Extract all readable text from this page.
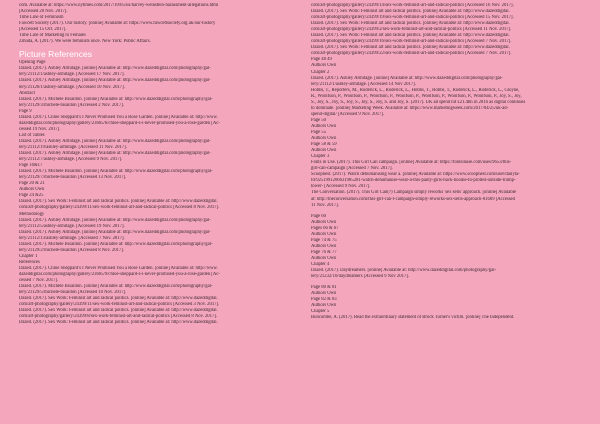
com. Available at: https://www.nytimes.com/2017/10/05/us/harvey-weinstein-harassment-allegations.html
[Accessed 20 Nov. 2017].
Time Line of Feminism
Fawcett Society (2017). Our history. [online] Available at: https://www.fawcettsociety.org.uk/our-history
[Accessed 15 Oct. 2017].
Time Line of Marketing to Females
Zmuda, A. (2017). We were feminists once. New York: Public Affairs.
Picture References
Opening Page
Dazed. (2017). Ashley Armitage. [online] Available at: http://www.dazeddigital.com/photography/gal-
lery/21112/1/ashley-armitage. [Accessed 17 Nov. 2017].
Dazed. (2017). Ashley Armitage. [online] Available at: http://www.dazeddigital.com/photography/gal-
lery/21126/1/ashley-armitage. [Accessed 10 Nov. 2017].
Abstract
Dazed. (2017). Michele Bisaillon. [online] Available at: http://www.dazeddigital.com/photography/gal-
lery/21129/3/michele-bisaillon [Accessed 2 Nov. 2017].
Page 9
Dazed. (2017). Chloe Sheppard's I Never Promised You a Rose Garden. [online] Available at: http://www.
dazeddigital.com/photography/gallery/23605/6/chloe-sheppard-s-i-never-promised-you-a-rose-garden [Ac-
cessed 19 Nov. 2017].
List of Tables
Dazed. (2017). Ashley Armitage. [online] Available at: http://www.dazeddigital.com/photography/gal-
lery/21112/19/ashley-armitage. [Accessed 11 Nov. 2017].
Dazed. (2017). Ashley Armitage. [online] Available at: http://www.dazeddigital.com/photography/gal-
lery/21112/7/ashley-armitage. [Accessed 9 Nov. 2017].
Page 16&17
Dazed. (2017). Michele Bisaillon. [online] Available at: http://www.dazeddigital.com/photography/gal-
lery/21129/7/michele-bisaillon [Accessed 13 Nov. 2017].
Page 20 & 21
Authors Own
Page 24 &25
Dazed. (2017). Sex Work: Feminist art and radical politics. [online] Available at: http://www.dazeddigital.
com/art-photography/gallery/24399/11/sex-work-feminist-art-and-radical-politics [Accessed 8 Nov. 2017].
Methodology
Dazed. (2017). Ashley Armitage. [online] Available at: http://www.dazeddigital.com/photography/gal-
lery/21112/5/ashley-armitage. [Accessed 19 Nov. 2017].
Dazed. (2017). Ashley Armitage. [online] Available at: http://www.dazeddigital.com/photography/gal-
lery/21112/13/ashley-armitage. [Accessed 7 Nov. 2017].
Dazed. (2017). Michele Bisaillon. [online] Available at: http://www.dazeddigital.com/photography/gal-
lery/21129/2/michele-bisaillon [Accessed 8 Nov. 2017].
Chapter 1
References
Dazed. (2017). Chloe Sheppard's I Never Promised You a Rose Garden. [online] Available at: http://www.
dazeddigital.com/photography/gallery/23605/9/chloe-sheppard-s-i-never-promised-you-a-rose-garden [Ac-
cessed 7 Nov. 2017].
Dazed. (2017). Michele Bisaillon. [online] Available at: http://www.dazeddigital.com/photography/gal-
lery/21129/5/michele-bisaillon [Accessed 10 Nov. 2017].
Dazed. (2017). Sex Work: Feminist art and radical politics. [online] Available at: http://www.dazeddigital.
com/art-photography/gallery/24399/11/sex-work-feminist-art-and-radical-politics [Accessed 3 Nov. 2017].
Dazed. (2017). Sex Work: Feminist art and radical politics. [online] Available at: http://www.dazeddigital.
com/art-photography/gallery/24399/8/sex-work-feminist-art-and-radical-politics [Accessed 8 Nov. 2017].
Dazed. (2017). Sex Work: Feminist art and radical politics. [online] Available at: http://www.dazeddigital.
com/art-photography/gallery/24399/14/sex-work-feminist-art-and-radical-politics [Accessed 16 Nov. 2017].
Dazed. (2017). Sex Work: Feminist art and radical politics. [online] Available at: http://www.dazeddigital.
com/art-photography/gallery/24399/19/sex-work-feminist-art-and-radical-politics [Accessed 15 Nov. 2017].
Dazed. (2017). Sex Work: Feminist art and radical politics. [online] Available at: http://www.dazeddigital.
com/art-photography/gallery/24399/2/sex-work-feminist-art-and-radical-politics [Accessed 11 Nov. 2017].
Dazed. (2017). Sex Work: Feminist art and radical politics. [online] Available at: http://www.dazeddigital.
com/art-photography/gallery/24399/16/sex-work-feminist-art-and-radical-politics [Accessed 7 Nov. 2017].
Dazed. (2017). Sex Work: Feminist art and radical politics. [online] Available at: http://www.dazeddigital.
com/art-photography/gallery/24399/22/sex-work-feminist-art-and-radical-politics [Accessed 7 Nov. 2017].
Page 48 49
Authors Own
Chapter 2
Dazed. (2017). Ashley Armitage. [online] Available at: http://www.dazeddigital.com/photography/gal-
lery/21112/1/ashley-armitage. [Accessed 14 Nov 2017].
Hobbs, T., Reporters, M., Roderick, L., Roderick, L., Hobbs, T., Hobbs, T., Roderick, L., Roderick, L., Gloyne,
R., Woolfson, P., Woolfson, P., Woolfson, P., Woolfson, P., Woolfson, P., Woolfson, P., Woolfson, P., Joy, S., Joy,
S., Joy, S., Joy, S., Joy, S., Joy, S., Joy, S. and Joy, S. (2017). UK ad spend hit £21.4bn in 2016 as digital continues
to dominate. [online] Marketing Week. Available at: https://www.marketingweek.com/2017/04/25/uk-ad-
spend-digital/ [Accessed 9 Nov. 2017].
Page 50
Authors Own
Page 55
Authors Own
Page 58 & 59
Authors Own
Chapter 3
Fonts in Use. (2017). This Girl Can campaign. [online] Available at: https://fontsinuse.com/uses/9653/this-
girl-can-campaign [Accessed 7 Nov. 2017].
Scoopnest. (2017). Watch dehumanising wear a. [online] Available at: https://www.scoopnest.com/user/dailyta-
fd/9251991206631985281-watch-dehumanise-wear-a-this-panty-girls-back-hoodie-to-protest-outside-trump-
tower- [Accessed 9 Nov. 2017].
The Conversation. (2017). This Girl Can(?) Campaign simply reworks 'sex sells' approach. [online] Available
at: http://theconversation.com/this-girl-can-t-campaign-simply-reworks-sex-sells-approach-81609 [Accessed
11 Nov. 2017].
Page 60
Authors Own
Pages 66 & 67
Authors Own
Page 74 & 75
Authors Own
Page 76 & 77
Authors Own
Chapter 4
Dazed. (2017). Daydreamers. [online] Available at: http://www.dazeddigital.com/photography/gal-
lery/21232/10/daydreamers [Accessed 9 Nov 2017].
Page 80 & 81
Authors Own
Page 82 & 83
Authors Own
Chapter 5
Buncombe, A. (2017). Read the extraordinary statement of Brock Turner's victim. [online] The Independent.
